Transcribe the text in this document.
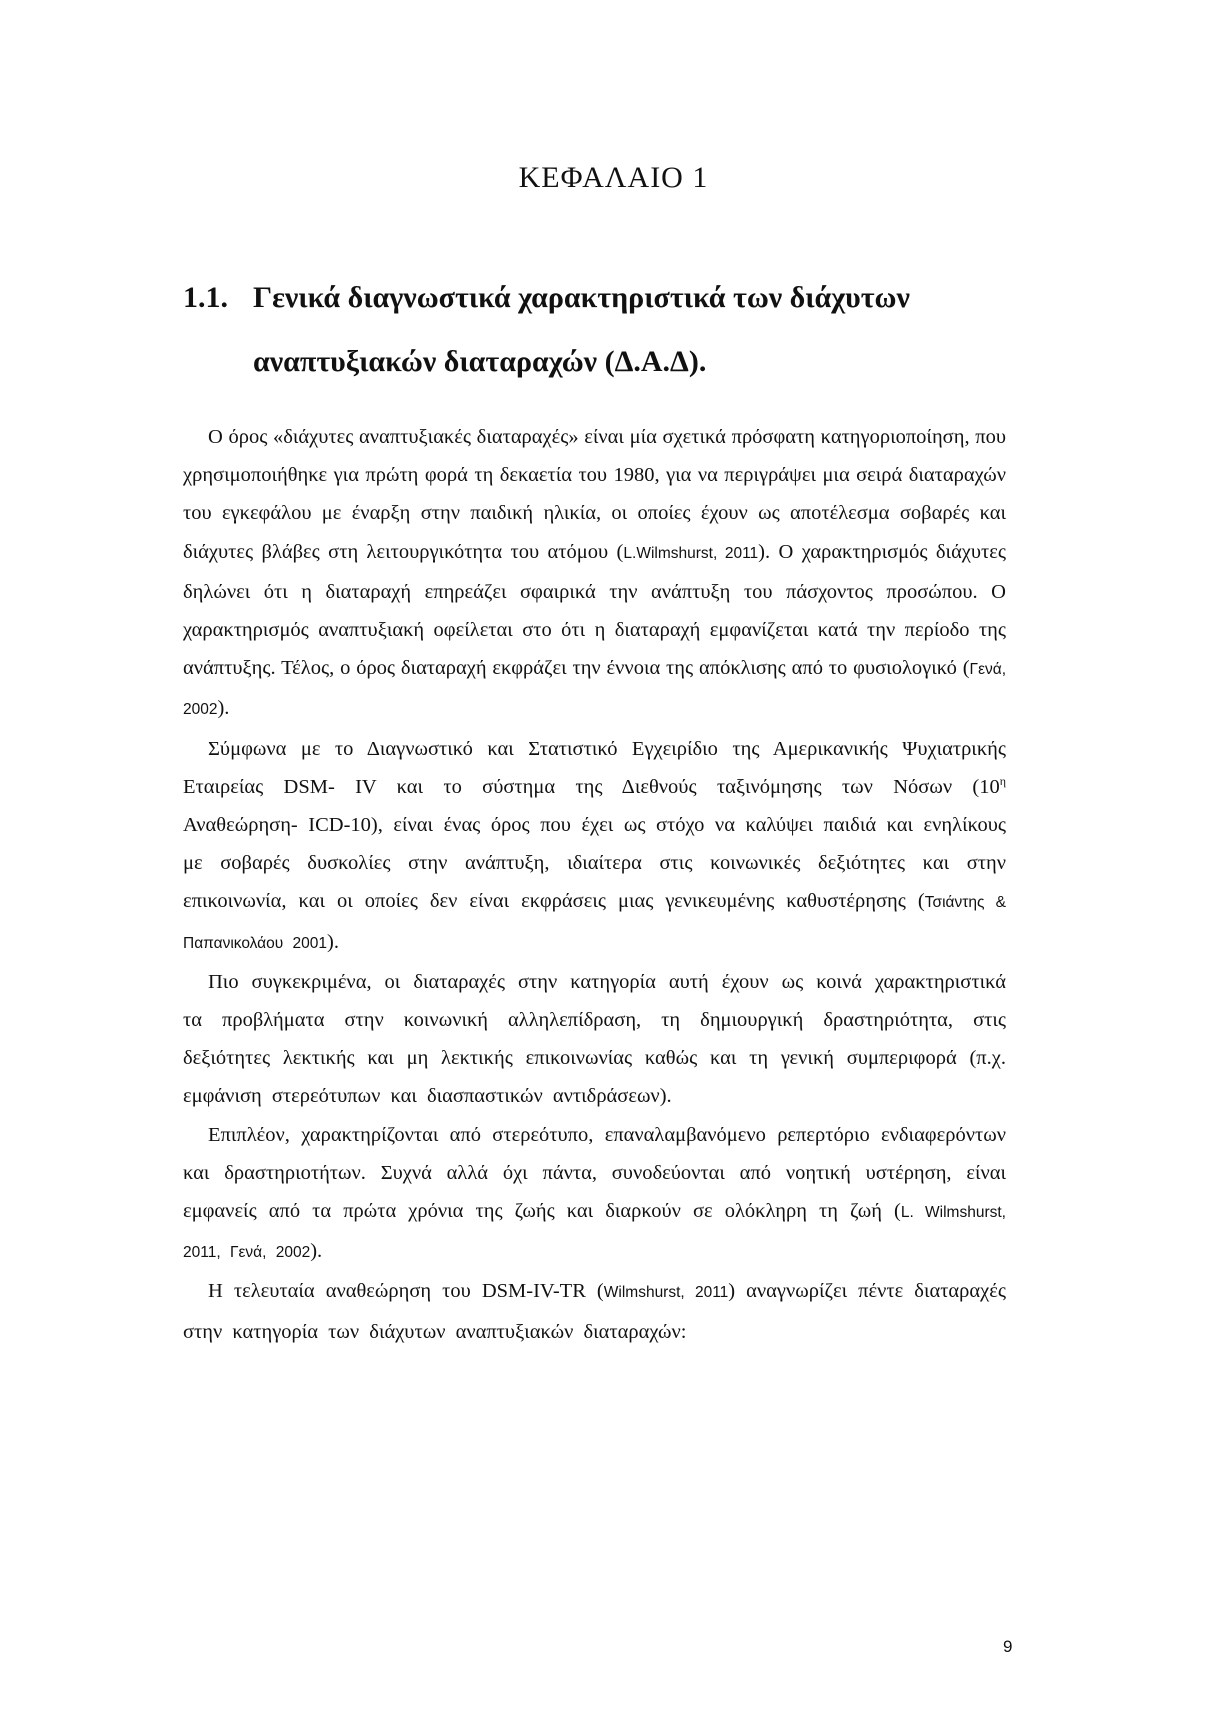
ΚΕΦΑΛΑΙΟ 1
1.1. Γενικά διαγνωστικά χαρακτηριστικά των διάχυτων
αναπτυξιακών διαταραχών (Δ.Α.Δ).

Ο όρος «διάχυτες αναπτυξιακές διαταραχές» είναι μία σχετικά πρόσφατη κατηγοριοποίηση, που χρησιμοποιήθηκε για πρώτη φορά τη δεκαετία του 1980, για να περιγράψει μια σειρά διαταραχών του εγκεφάλου με έναρξη στην παιδική ηλικία, οι οποίες έχουν ως αποτέλεσμα σοβαρές και διάχυτες βλάβες στη λειτουργικότητα του ατόμου (L.Wilmshurst, 2011). Ο χαρακτηρισμός διάχυτες δηλώνει ότι η διαταραχή επηρεάζει σφαιρικά την ανάπτυξη του πάσχοντος προσώπου. Ο χαρακτηρισμός αναπτυξιακή οφείλεται στο ότι η διαταραχή εμφανίζεται κατά την περίοδο της ανάπτυξης. Τέλος, ο όρος διαταραχή εκφράζει την έννοια της απόκλισης από το φυσιολογικό (Γενά, 2002).

Σύμφωνα με το Διαγνωστικό και Στατιστικό Εγχειρίδιο της Αμερικανικής Ψυχιατρικής Εταιρείας DSM- IV και το σύστημα της Διεθνούς ταξινόμησης των Νόσων ($10^\eta$ Αναθεώρηση- ICD-10), είναι ένας όρος που έχει ως στόχο να καλύψει παιδιά και ενηλίκους με σοβαρές δυσκολίες στην ανάπτυξη, ιδιαίτερα στις κοινωνικές δεξιότητες και στην επικοινωνία, και οι οποίες δεν είναι εκφράσεις μιας γενικευμένης καθυστέρησης (Τσιάντης & Παπανικολάου 2001).

Πιο συγκεκριμένα, οι διαταραχές στην κατηγορία αυτή έχουν ως κοινά χαρακτηριστικά τα προβλήματα στην κοινωνική αλληλεπίδραση, τη δημιουργική δραστηριότητα, στις δεξιότητες λεκτικής και μη λεκτικής επικοινωνίας καθώς και τη γενική συμπεριφορά (π.χ. εμφάνιση στερεότυπων και διασπαστικών αντιδράσεων).

Επιπλέον, χαρακτηρίζονται από στερεότυπο, επαναλαμβανόμενο ρεπερτόριο ενδιαφερόντων και δραστηριοτήτων. Συχνά αλλά όχι πάντα, συνοδεύονται από νοητική υστέρηση, είναι εμφανείς από τα πρώτα χρόνια της ζωής και διαρκούν σε ολόκληρη τη ζωή (L. Wilmshurst, 2011, Γενά, 2002).

Η τελευταία αναθεώρηση του DSM-IV-TR (Wilmshurst, 2011) αναγνωρίζει πέντε διαταραχές στην κατηγορία των διάχυτων αναπτυξιακών διαταραχών:

9
